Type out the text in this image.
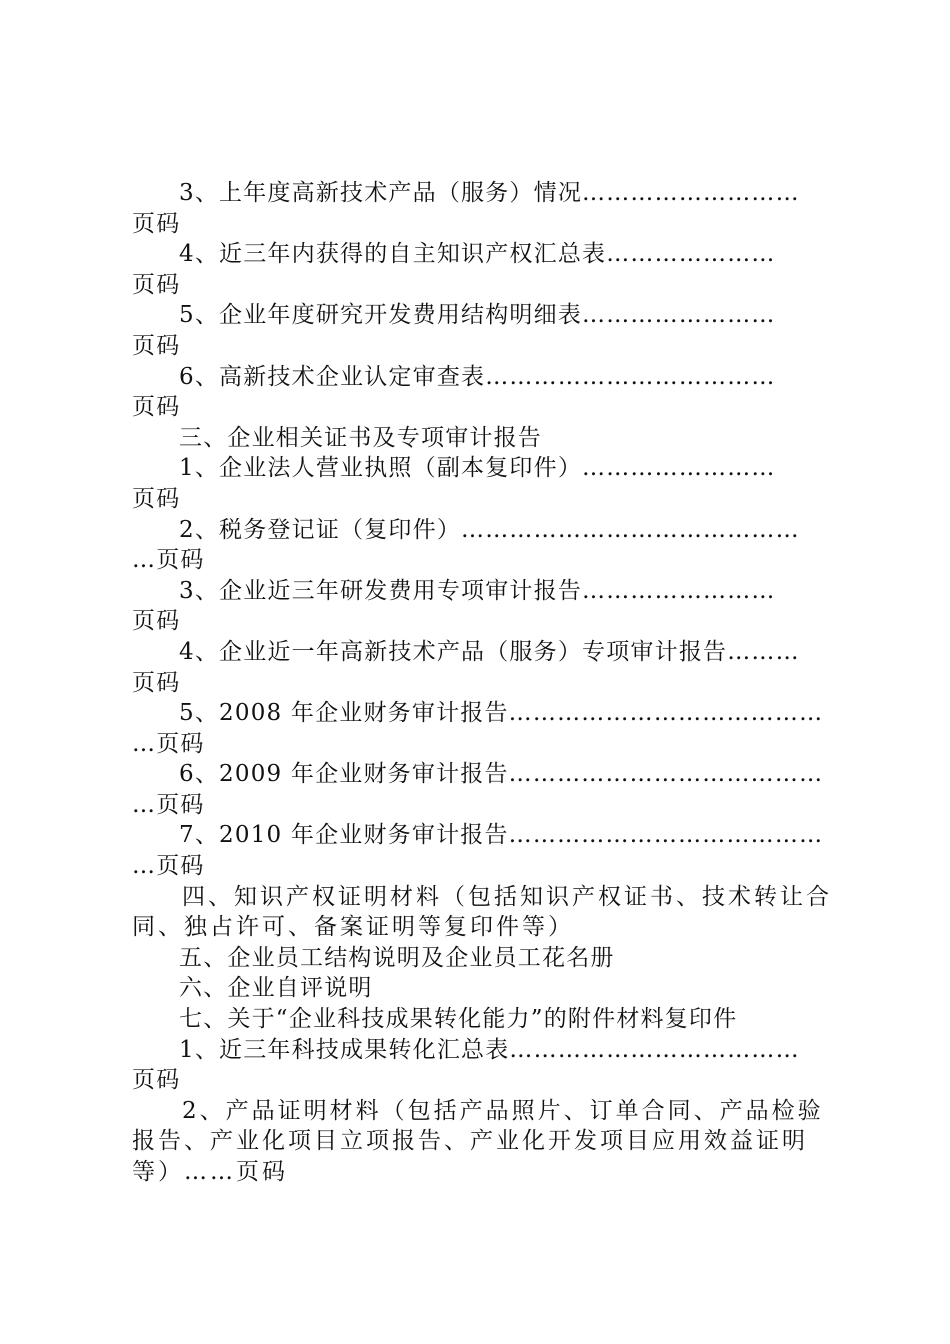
3、上年度高新技术产品（服务）情况………………………
页码
4、近三年内获得的自主知识产权汇总表…………………
页码
5、企业年度研究开发费用结构明细表……………………
页码
6、高新技术企业认定审查表………………………………
页码
三、企业相关证书及专项审计报告
1、企业法人营业执照（副本复印件）……………………
页码
2、税务登记证（复印件）……………………………………
…页码
3、企业近三年研发费用专项审计报告……………………
页码
4、企业近一年高新技术产品（服务）专项审计报告………
页码
5、2008 年企业财务审计报告…………………………………
…页码
6、2009 年企业财务审计报告…………………………………
…页码
7、2010 年企业财务审计报告…………………………………
…页码
四、知识产权证明材料（包括知识产权证书、技术转让合同、独占许可、备案证明等复印件等）
五、企业员工结构说明及企业员工花名册
六、企业自评说明
七、关于“企业科技成果转化能力”的附件材料复印件
1、近三年科技成果转化汇总表………………………………
页码
2、产品证明材料（包括产品照片、订单合同、产品检验报告、产业化项目立项报告、产业化开发项目应用效益证明等）……页码
